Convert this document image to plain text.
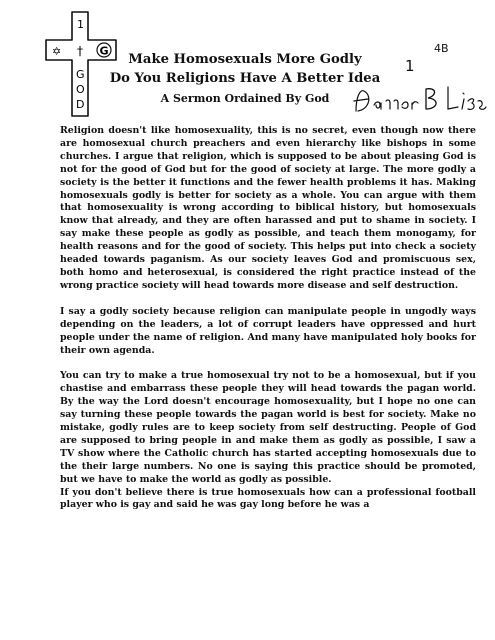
1
†
G
O
D
✡	G
Make Homosexuals More Godly
Do You Religions Have A Better Idea
A Sermon Ordained By God
1
4B

Religion doesn't like homosexuality, this is no secret, even though now there are homosexual church preachers and even hierarchy like bishops in some churches. I argue that religion, which is supposed to be about pleasing God is not for the good of God but for the good of society at large. The more godly a society is the better it functions and the fewer health problems it has. Making homosexuals godly is better for society as a whole. You can argue with them that homosexuality is wrong according to biblical history, but homosexuals know that already, and they are often harassed and put to shame in society. I say make these people as godly as possible, and teach them monogamy, for health reasons and for the good of society. This helps put into check a society headed towards paganism. As our society leaves God and promiscuous sex, both homo and heterosexual, is considered the right practice instead of the wrong practice society will head towards more disease and self destruction.

I say a godly society because religion can manipulate people in ungodly ways depending on the leaders, a lot of corrupt leaders have oppressed and hurt people under the name of religion. And many have manipulated holy books for their own agenda.

You can try to make a true homosexual try not to be a homosexual, but if you chastise and embarrass these people they will head towards the pagan world. By the way the Lord doesn't encourage homosexuality, but I hope no one can say turning these people towards the pagan world is best for society. Make no mistake, godly rules are to keep society from self destructing. People of God are supposed to bring people in and make them as godly as possible, I saw a TV show where the Catholic church has started accepting homosexuals due to the their large numbers. No one is saying this practice should be promoted, but we have to make the world as godly as possible.

If you don't believe there is true homosexuals how can a professional football player who is gay and said he was gay long before he was a
